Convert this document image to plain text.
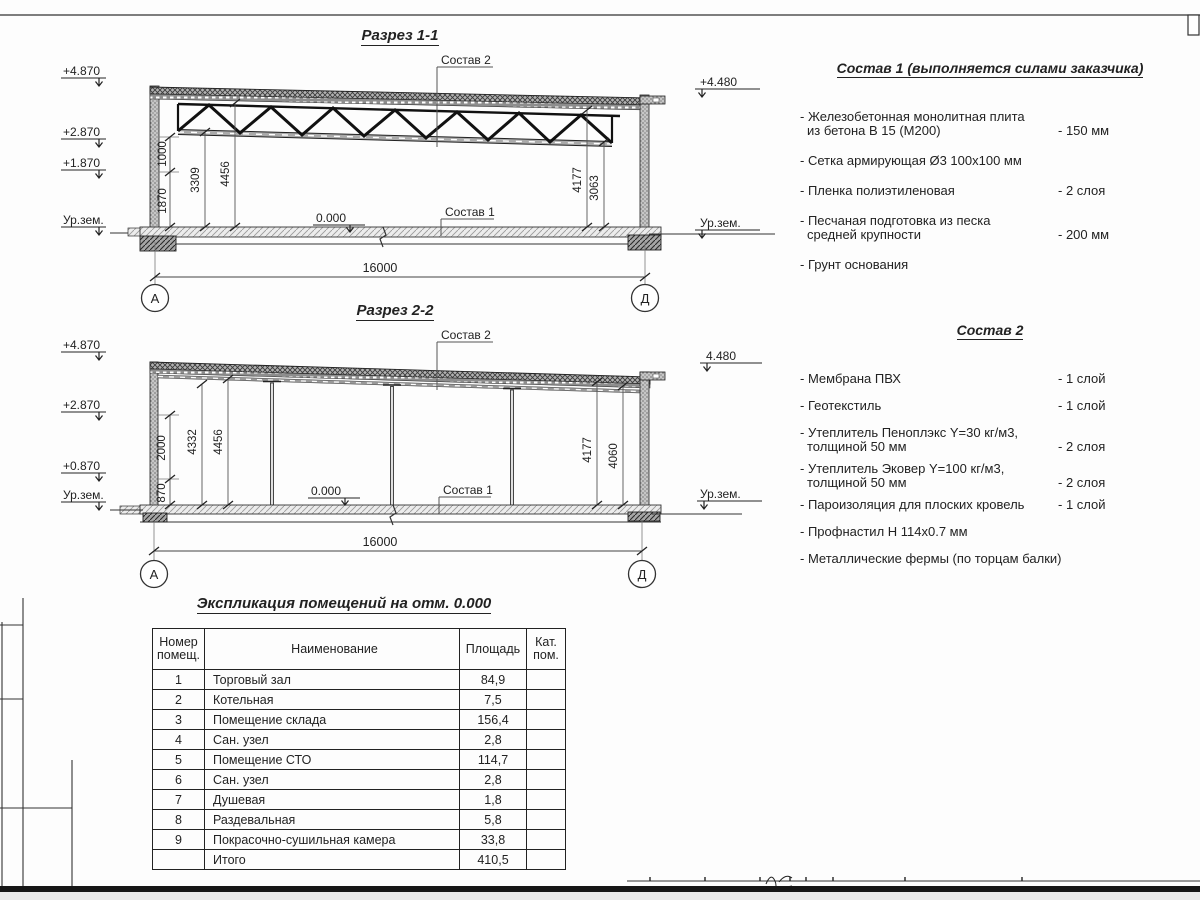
Разрез 1-1
Разрез 2-2
Экспликация помещений на отм. 0.000
Состав 1 (выполняется силами заказчика)
Состав 2
1000
1870
3309 4456	4177 3063
+4.870
+2.870
+1.870
Ур.зем.
+4.480
Ур.зем.
0.000
Состав 2
Состав 1
16000
А	Д
2000
870
4332 4456	4177 4060
+4.870
+2.870
+0.870
Ур.зем.
4.480
Ур.зем.
0.000
Состав 2
Состав 1
16000
А	Д
- Железобетонная монолитная плита
из бетона В 15 (М200)	- 150 мм
- Сетка армирующая Ø3 100х100 мм
- Пленка полиэтиленовая	- 2 слоя
- Песчаная подготовка из песка
средней крупности	- 200 мм
- Грунт основания
- Мембрана ПВХ	- 1 слой
- Геотекстиль	- 1 слой
- Утеплитель Пеноплэкс Y=30 кг/м3,
толщиной 50 мм	- 2 слоя
- Утеплитель Эковер Y=100 кг/м3,
толщиной 50 мм	- 2 слоя
- Пароизоляция для плоских кровель	- 1 слой
- Профнастил Н 114х0.7 мм
- Металлические фермы (по торцам балки)
Номер
помещ.	Наименование	Площадь	Кат.
пом.
1	Торговый зал	84,9	
2	Котельная	7,5	
3	Помещение склада	156,4	
4	Сан. узел	2,8	
5	Помещение СТО	114,7	
6	Сан. узел	2,8	
7	Душевая	1,8	
8	Раздевальная	5,8	
9	Покрасочно-сушильная камера	33,8	
	Итого	410,5	
